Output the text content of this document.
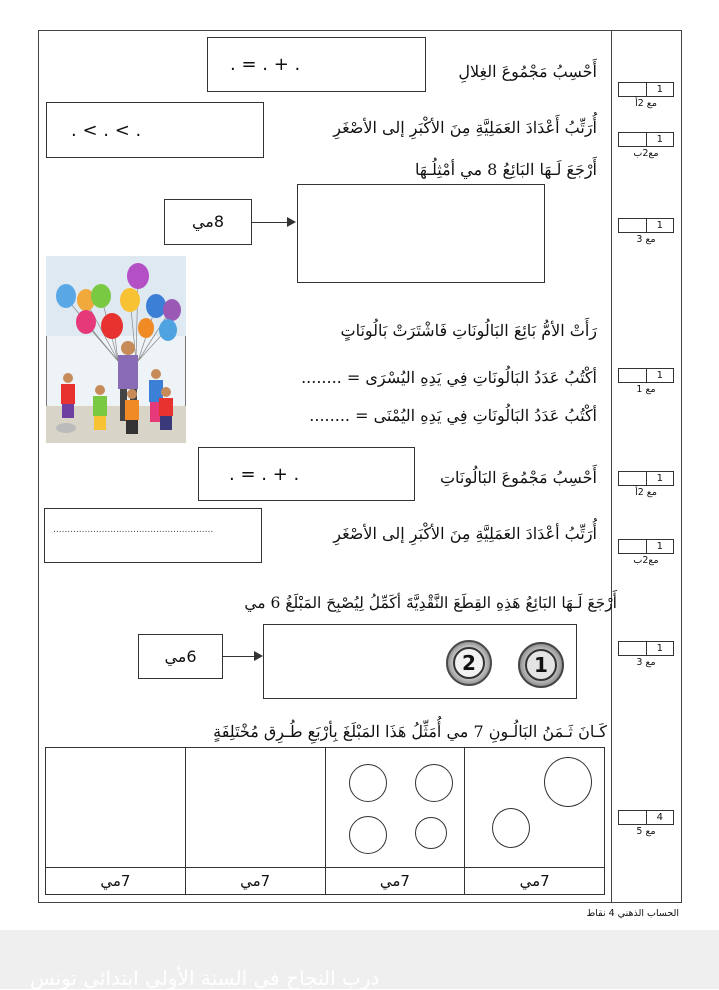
أَحْسِبُ مَجْمُوعَ الغِلالِ
. = . + .
أُرَتِّبُ أَعْدَادَ العَمَلِيَّةِ مِنَ الأكْبَرِ إلى الأصْغَرِ
. < . < .
أَرْجَعَ لَـهَا البَائِعُ 8 مي أمْثِلُـهَا
8مي
رَأَتْ الأمُّ بَائِعَ البَالُونَاتِ فَاشْتَرَتْ بَالُونَاتٍ
أكْتُبُ عَدَدُ البَالُونَاتِ فِي يَدِهِ اليُسْرَى = ........
أكْتُبُ عَدَدُ البَالُونَاتِ فِي يَدِهِ اليُمْنَى = ........
أَحْسِبُ مَجْمُوعَ البَالُونَاتِ
. = . + .
أُرَتِّبُ أعْدَادَ العَمَلِيَّةِ مِنَ الأكْبَرِ إلى الأصْغَرِ
........................................................
أَرْجَعَ لَـهَا البَائِعُ هَذِهِ القِطَعَ النَّقْدِيَّةَ أكَمِّلُ لِيُصْبِحَ المَبْلَغُ 6 مي
6مي	2	1
كَـانَ ثَـمَنُ البَالُـونِ 7 مي أُمَثِّلُ هَذَا المَبْلَغَ بِأرْبَعِ طُـرِق مُخْتَلِفَةٍ

7مي	7مي	7مي	7مي
1
مع 2أ
1
مع2ب
1
مع 3
1
مع 1
1
مع 2أ
1
مع2ب
1
مع 3
4
مع 5
الحساب الذهني 4 نقاط
درب النجاح في السنة الأولى ابتدائي تونس
